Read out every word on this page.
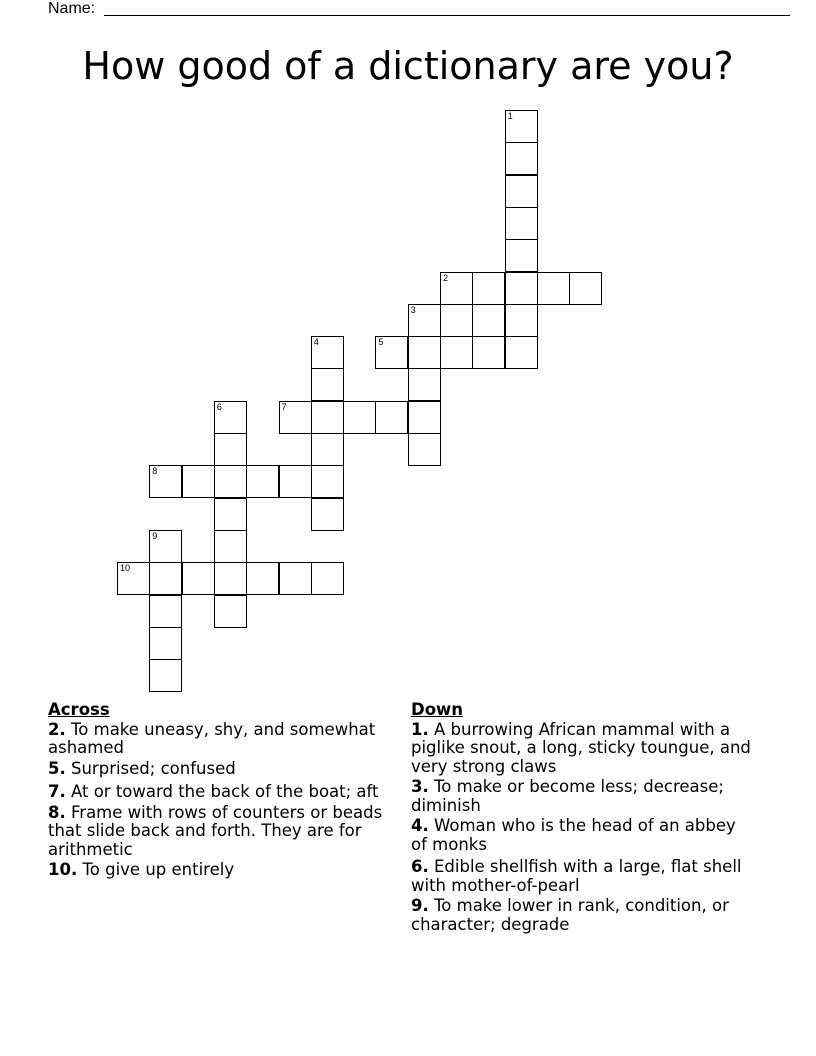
Name:
How good of a dictionary are you?
1
2
3
4	5
6	7
8
9
10
Across
2. To make uneasy, shy, and somewhat ashamed
5. Surprised; confused
7. At or toward the back of the boat; aft
8. Frame with rows of counters or beads that slide back and forth. They are for arithmetic
10. To give up entirely
Down
1. A burrowing African mammal with a piglike snout, a long, sticky toungue, and very strong claws
3. To make or become less; decrease; diminish
4. Woman who is the head of an abbey of monks
6. Edible shellfish with a large, flat shell with mother-of-pearl
9. To make lower in rank, condition, or character; degrade
